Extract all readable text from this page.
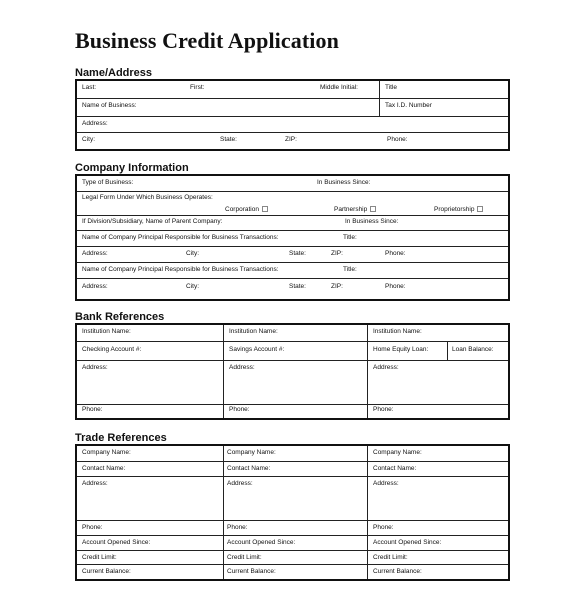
Business Credit Application
Name/Address
Last:	First:	Middle Initial:	Title
Name of Business:	Tax I.D. Number
Address:
City:	State:	ZIP:	Phone:
Company Information
Type of Business:	In Business Since:
Legal Form Under Which Business Operates:
Corporation	Partnership	Proprietorship
If Division/Subsidiary, Name of Parent Company:	In Business Since:
Name of Company Principal Responsible for Business Transactions:	Title:
Address:	City:	State:	ZIP:	Phone:
Name of Company Principal Responsible for Business Transactions:	Title:
Address:	City:	State:	ZIP:	Phone:
Bank References
Institution Name:	Institution Name:	Institution Name:
Checking Account #:	Savings Account #:	Home Equity Loan:	Loan Balance:
Address:	Address:	Address:
Phone:	Phone:	Phone:
Trade References
Company Name:	Company Name:	Company Name:
Contact Name:	Contact Name:	Contact Name:
Address:	Address:	Address:
Phone:	Phone:	Phone:
Account Opened Since:	Account Opened Since:	Account Opened Since:
Credit Limit:	Credit Limit:	Credit Limit:
Current Balance:	Current Balance:	Current Balance:
